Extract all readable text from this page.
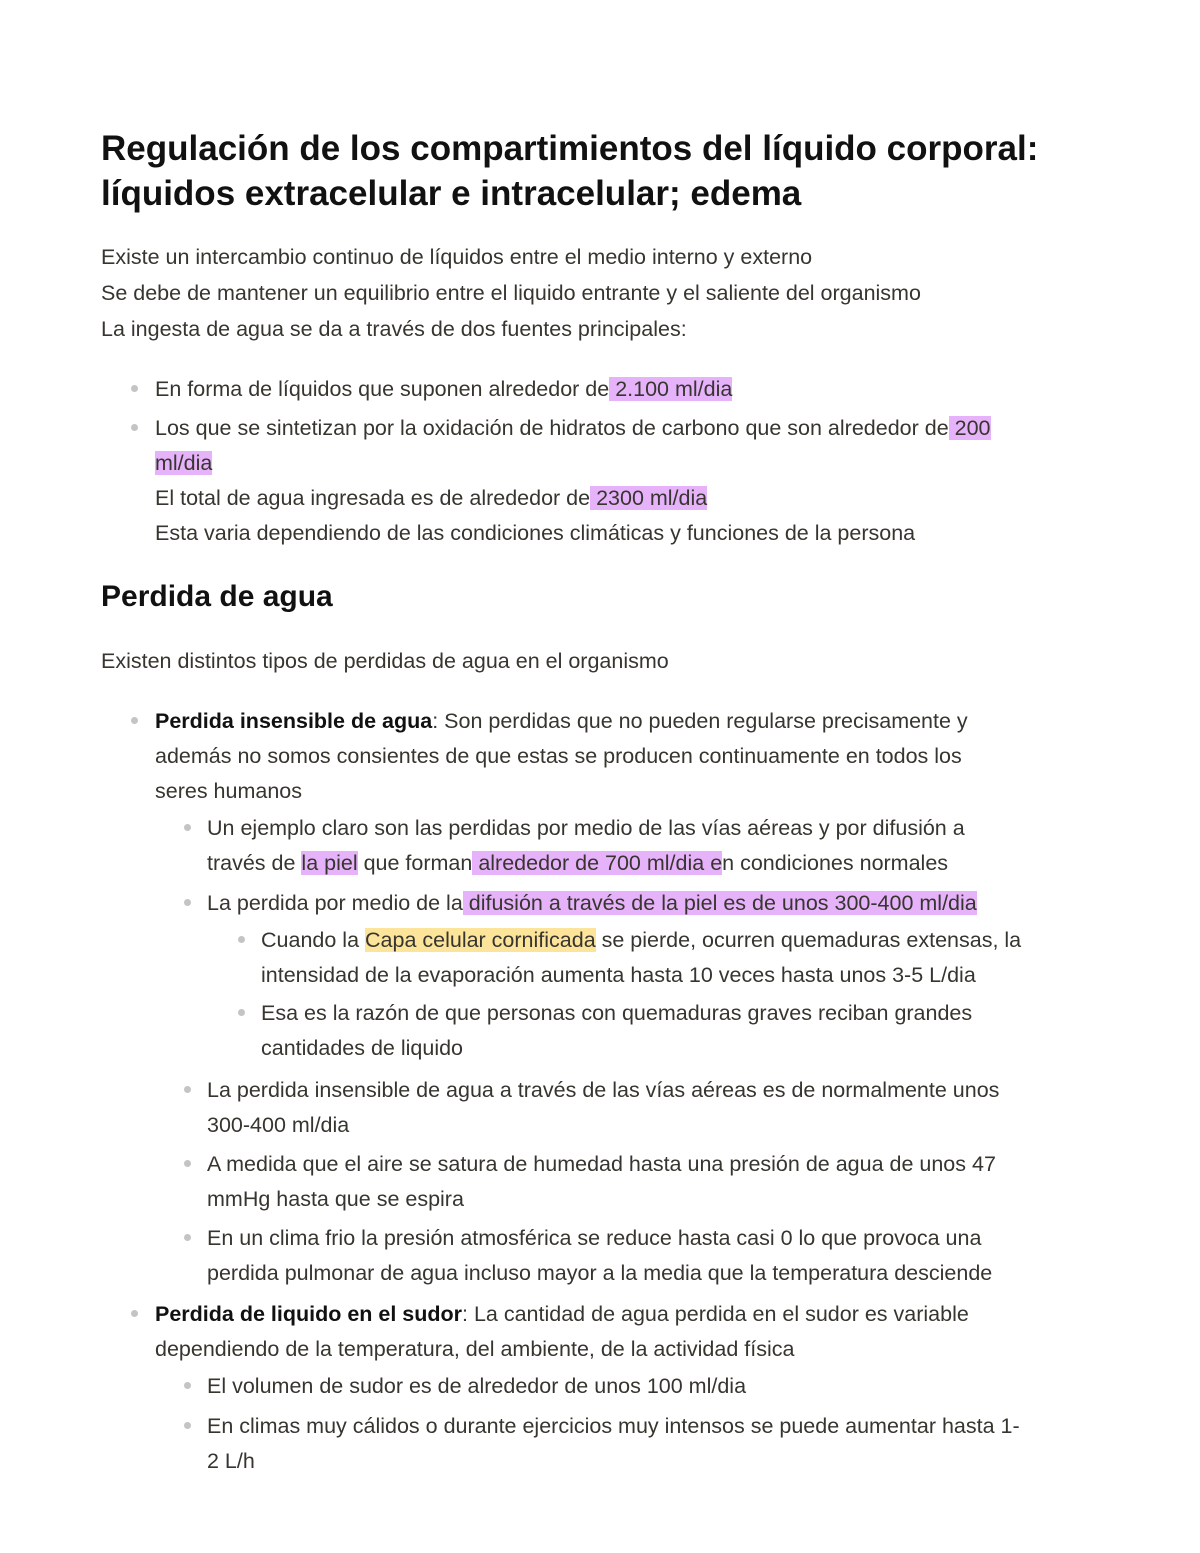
Regulación de los compartimientos del líquido corporal:
líquidos extracelular e intracelular; edema
Existe un intercambio continuo de líquidos entre el medio interno y externo
Se debe de mantener un equilibrio entre el liquido entrante y el saliente del organismo
La ingesta de agua se da a través de dos fuentes principales:
En forma de líquidos que suponen alrededor de 2.100 ml/dia
Los que se sintetizan por la oxidación de hidratos de carbono que son alrededor de 200
ml/dia
El total de agua ingresada es de alrededor de 2300 ml/dia
Esta varia dependiendo de las condiciones climáticas y funciones de la persona
Perdida de agua
Existen distintos tipos de perdidas de agua en el organismo
Perdida insensible de agua: Son perdidas que no pueden regularse precisamente y
además no somos consientes de que estas se producen continuamente en todos los
seres humanos
Un ejemplo claro son las perdidas por medio de las vías aéreas y por difusión a
través de la piel que forman alrededor de 700 ml/dia en condiciones normales
La perdida por medio de la difusión a través de la piel es de unos 300-400 ml/dia
Cuando la Capa celular cornificada se pierde, ocurren quemaduras extensas, la
intensidad de la evaporación aumenta hasta 10 veces hasta unos 3-5 L/dia
Esa es la razón de que personas con quemaduras graves reciban grandes
cantidades de liquido
La perdida insensible de agua a través de las vías aéreas es de normalmente unos
300-400 ml/dia
A medida que el aire se satura de humedad hasta una presión de agua de unos 47
mmHg hasta que se espira
En un clima frio la presión atmosférica se reduce hasta casi 0 lo que provoca una
perdida pulmonar de agua incluso mayor a la media que la temperatura desciende
Perdida de liquido en el sudor: La cantidad de agua perdida en el sudor es variable
dependiendo de la temperatura, del ambiente, de la actividad física
El volumen de sudor es de alrededor de unos 100 ml/dia
En climas muy cálidos o durante ejercicios muy intensos se puede aumentar hasta 1-
2 L/h
